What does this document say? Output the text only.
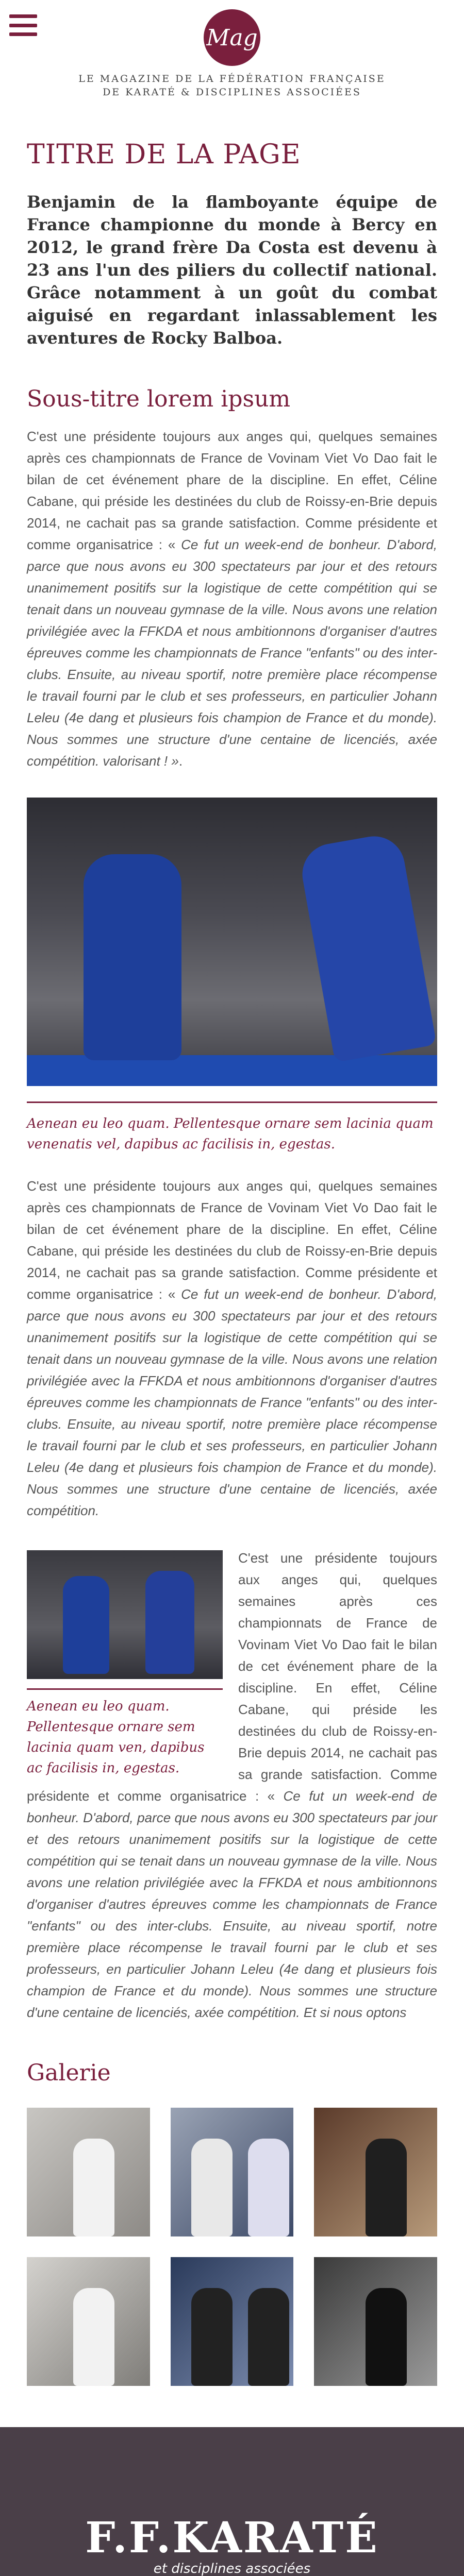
Mag
LE MAGAZINE DE LA FÉDÉRATION FRANÇAISE
DE KARATÉ & DISCIPLINES ASSOCIÉES
TITRE DE LA PAGE

Benjamin de la flamboyante équipe de France championne du monde à Bercy en 2012, le grand frère Da Costa est devenu à 23 ans l'un des piliers du collectif national. Grâce notamment à un goût du combat aiguisé en regardant inlassablement les aventures de Rocky Balboa.

Sous-titre lorem ipsum

C'est une présidente toujours aux anges qui, quelques semaines après ces championnats de France de Vovinam Viet Vo Dao fait le bilan de cet événement phare de la discipline. En effet, Céline Cabane, qui préside les destinées du club de Roissy-en-Brie depuis 2014, ne cachait pas sa grande satisfaction. Comme présidente et comme organisatrice : « Ce fut un week-end de bonheur. D'abord, parce que nous avons eu 300 spectateurs par jour et des retours unanimement positifs sur la logistique de cette compétition qui se tenait dans un nouveau gymnase de la ville. Nous avons une relation privilégiée avec la FFKDA et nous ambitionnons d'organiser d'autres épreuves comme les championnats de France "enfants" ou des inter-clubs. Ensuite, au niveau sportif, notre première place récompense le travail fourni par le club et ses professeurs, en particulier Johann Leleu (4e dang et plusieurs fois champion de France et du monde). Nous sommes une structure d'une centaine de licenciés, axée compétition. valorisant ! ».

Aenean eu leo quam. Pellentesque ornare sem lacinia quam venenatis vel, dapibus ac facilisis in, egestas.

C'est une présidente toujours aux anges qui, quelques semaines après ces championnats de France de Vovinam Viet Vo Dao fait le bilan de cet événement phare de la discipline. En effet, Céline Cabane, qui préside les destinées du club de Roissy-en-Brie depuis 2014, ne cachait pas sa grande satisfaction. Comme présidente et comme organisatrice : « Ce fut un week-end de bonheur. D'abord, parce que nous avons eu 300 spectateurs par jour et des retours unanimement positifs sur la logistique de cette compétition qui se tenait dans un nouveau gymnase de la ville. Nous avons une relation privilégiée avec la FFKDA et nous ambitionnons d'organiser d'autres épreuves comme les championnats de France "enfants" ou des inter-clubs. Ensuite, au niveau sportif, notre première place récompense le travail fourni par le club et ses professeurs, en particulier Johann Leleu (4e dang et plusieurs fois champion de France et du monde). Nous sommes une structure d'une centaine de licenciés, axée compétition.

Aenean eu leo quam. Pellentesque ornare sem lacinia quam ven, dapibus ac facilisis in, egestas.

C'est une présidente toujours aux anges qui, quelques semaines après ces championnats de France de Vovinam Viet Vo Dao fait le bilan de cet événement phare de la discipline. En effet, Céline Cabane, qui préside les destinées du club de Roissy-en-Brie depuis 2014, ne cachait pas sa grande satisfaction. Comme présidente et comme organisatrice : « Ce fut un week-end de bonheur. D'abord, parce que nous avons eu 300 spectateurs par jour et des retours unanimement positifs sur la logistique de cette compétition qui se tenait dans un nouveau gymnase de la ville. Nous avons une relation privilégiée avec la FFKDA et nous ambitionnons d'organiser d'autres épreuves comme les championnats de France "enfants" ou des inter-clubs. Ensuite, au niveau sportif, notre première place récompense le travail fourni par le club et ses professeurs, en particulier Johann Leleu (4e dang et plusieurs fois champion de France et du monde). Nous sommes une structure d'une centaine de licenciés, axée compétition. Et si nous optons

Galerie
F.F.KARATÉ
et disciplines associées
